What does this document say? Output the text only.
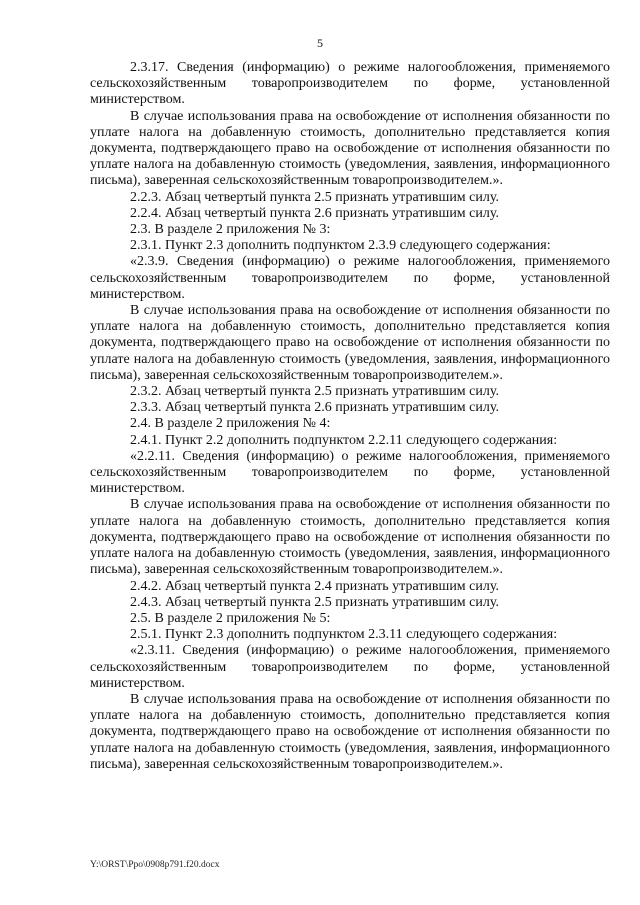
5

2.3.17. Сведения (информацию) о режиме налогообложения, применяемого сельскохозяйственным товаропроизводителем по форме, установленной министерством.

В случае использования права на освобождение от исполнения обязанности по уплате налога на добавленную стоимость, дополнительно представляется копия документа, подтверждающего право на освобождение от исполнения обязанности по уплате налога на добавленную стоимость (уведомления, заявления, информационного письма), заверенная сельскохозяйственным товаропроизводителем.».

2.2.3. Абзац четвертый пункта 2.5 признать утратившим силу.

2.2.4. Абзац четвертый пункта 2.6 признать утратившим силу.

2.3. В разделе 2 приложения № 3:

2.3.1. Пункт 2.3 дополнить подпунктом 2.3.9 следующего содержания:

«2.3.9. Сведения (информацию) о режиме налогообложения, применяемого сельскохозяйственным товаропроизводителем по форме, установленной министерством.

В случае использования права на освобождение от исполнения обязанности по уплате налога на добавленную стоимость, дополнительно представляется копия документа, подтверждающего право на освобождение от исполнения обязанности по уплате налога на добавленную стоимость (уведомления, заявления, информационного письма), заверенная сельскохозяйственным товаропроизводителем.».

2.3.2. Абзац четвертый пункта 2.5 признать утратившим силу.

2.3.3. Абзац четвертый пункта 2.6 признать утратившим силу.

2.4. В разделе 2 приложения № 4:

2.4.1. Пункт 2.2 дополнить подпунктом 2.2.11 следующего содержания:

«2.2.11. Сведения (информацию) о режиме налогообложения, применяемого сельскохозяйственным товаропроизводителем по форме, установленной министерством.

В случае использования права на освобождение от исполнения обязанности по уплате налога на добавленную стоимость, дополнительно представляется копия документа, подтверждающего право на освобождение от исполнения обязанности по уплате налога на добавленную стоимость (уведомления, заявления, информационного письма), заверенная сельскохозяйственным товаропроизводителем.».

2.4.2. Абзац четвертый пункта 2.4 признать утратившим силу.

2.4.3. Абзац четвертый пункта 2.5 признать утратившим силу.

2.5. В разделе 2 приложения № 5:

2.5.1. Пункт 2.3 дополнить подпунктом 2.3.11 следующего содержания:

«2.3.11. Сведения (информацию) о режиме налогообложения, применяемого сельскохозяйственным товаропроизводителем по форме, установленной министерством.

В случае использования права на освобождение от исполнения обязанности по уплате налога на добавленную стоимость, дополнительно представляется копия документа, подтверждающего право на освобождение от исполнения обязанности по уплате налога на добавленную стоимость (уведомления, заявления, информационного письма), заверенная сельскохозяйственным товаропроизводителем.».

Y:\ORST\Ppo\0908p791.f20.docx
